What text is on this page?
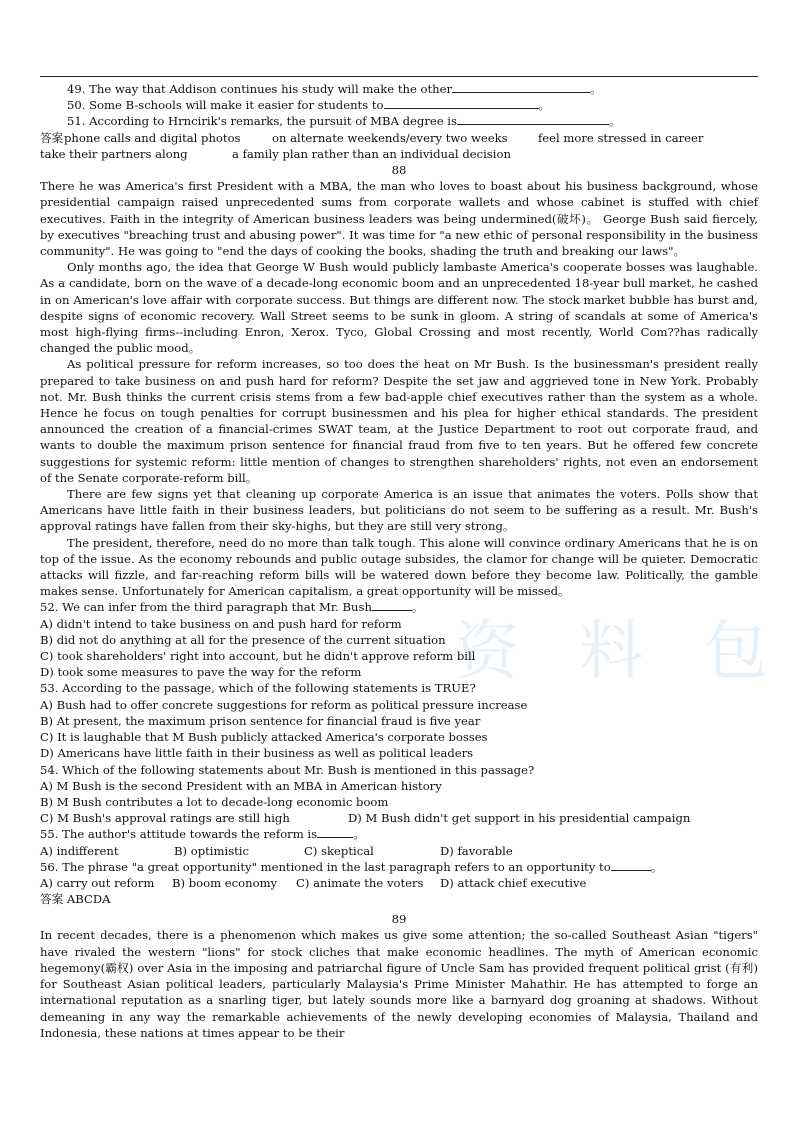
资 料 包
49. The way that Addison continues his study will make the other	。
50. Some B-schools will make it easier for students to	。
51. According to Hrncirik's remarks, the pursuit of MBA degree is	。
答案 phone calls and digital photos	on alternate weekends/every two weeks	feel more stressed in career
take their partners along	a family plan rather than an individual decision
88

There he was America's first President with a MBA, the man who loves to boast about his business background, whose presidential campaign raised unprecedented sums from corporate wallets and whose cabinet is stuffed with chief executives. Faith in the integrity of American business leaders was being undermined(破坏)。 George Bush said fiercely, by executives "breaching trust and abusing power". It was time for "a new ethic of personal responsibility in the business community". He was going to "end the days of cooking the books, shading the truth and breaking our laws"。

Only months ago, the idea that George W Bush would publicly lambaste America's cooperate bosses was laughable. As a candidate, born on the wave of a decade-long economic boom and an unprecedented 18-year bull market, he cashed in on American's love affair with corporate success. But things are different now. The stock market bubble has burst and, despite signs of economic recovery. Wall Street seems to be sunk in gloom. A string of scandals at some of America's most high-flying firms--including Enron, Xerox. Tyco, Global Crossing and most recently, World Com??has radically changed the public mood。

As political pressure for reform increases, so too does the heat on Mr Bush. Is the businessman's president really prepared to take business on and push hard for reform? Despite the set jaw and aggrieved tone in New York. Probably not. Mr. Bush thinks the current crisis stems from a few bad-apple chief executives rather than the system as a whole. Hence he focus on tough penalties for corrupt businessmen and his plea for higher ethical standards. The president announced the creation of a financial-crimes SWAT team, at the Justice Department to root out corporate fraud, and wants to double the maximum prison sentence for financial fraud from five to ten years. But he offered few concrete suggestions for systemic reform: little mention of changes to strengthen shareholders' rights, not even an endorsement of the Senate corporate-reform bill。

There are few signs yet that cleaning up corporate America is an issue that animates the voters. Polls show that Americans have little faith in their business leaders, but politicians do not seem to be suffering as a result. Mr. Bush's approval ratings have fallen from their sky-highs, but they are still very strong。

The president, therefore, need do no more than talk tough. This alone will convince ordinary Americans that he is on top of the issue. As the economy rebounds and public outage subsides, the clamor for change will be quieter. Democratic attacks will fizzle, and far-reaching reform bills will be watered down before they become law. Politically, the gamble makes sense. Unfortunately for American capitalism, a great opportunity will be missed。

52. We can infer from the third paragraph that Mr. Bush	。
A) didn't intend to take business on and push hard for reform
B) did not do anything at all for the presence of the current situation
C) took shareholders' right into account, but he didn't approve reform bill
D) took some measures to pave the way for the reform
53. According to the passage, which of the following statements is TRUE?
A) Bush had to offer concrete suggestions for reform as political pressure increase
B) At present, the maximum prison sentence for financial fraud is five year
C) It is laughable that M Bush publicly attacked America's corporate bosses
D) Americans have little faith in their business as well as political leaders
54. Which of the following statements about Mr. Bush is mentioned in this passage?
A) M Bush is the second President with an MBA in American history
B) M Bush contributes a lot to decade-long economic boom
C) M Bush's approval ratings are still high	D) M Bush didn't get support in his presidential campaign
55. The author's attitude towards the reform is	。
A) indifferent	B) optimistic	C) skeptical	D) favorable
56. The phrase "a great opportunity" mentioned in the last paragraph refers to an opportunity to	。
A) carry out reform B) boom economy C) animate the voters D) attack chief executive
答案 ABCDA
89

In recent decades, there is a phenomenon which makes us give some attention; the so-called Southeast Asian "tigers" have rivaled the western "lions" for stock cliches that make economic headlines. The myth of American economic hegemony(霸权) over Asia in the imposing and patriarchal figure of Uncle Sam has provided frequent political grist (有利) for Southeast Asian political leaders, particularly Malaysia's Prime Minister Mahathir. He has attempted to forge an international reputation as a snarling tiger, but lately sounds more like a barnyard dog groaning at shadows. Without demeaning in any way the remarkable achievements of the newly developing economies of Malaysia, Thailand and Indonesia, these nations at times appear to be their
